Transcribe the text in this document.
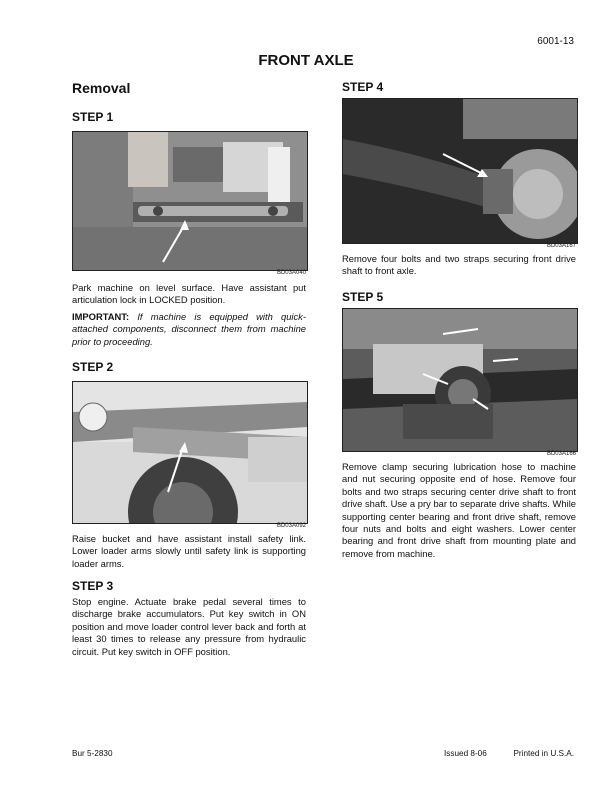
6001-13
FRONT AXLE
Removal
STEP 1
BD03A040
Park machine on level surface. Have assistant put articulation lock in LOCKED position.
IMPORTANT: If machine is equipped with quick-attached components, disconnect them from machine prior to proceeding.
STEP 2
BD03A092
Raise bucket and have assistant install safety link. Lower loader arms slowly until safety link is supporting loader arms.
STEP 3
Stop engine. Actuate brake pedal several times to discharge brake accumulators. Put key switch in ON position and move loader control lever back and forth at least 30 times to release any pressure from hydraulic circuit. Put key switch in OFF position.
STEP 4
BD03A167
Remove four bolts and two straps securing front drive shaft to front axle.
STEP 5
BD03A166
Remove clamp securing lubrication hose to machine and nut securing opposite end of hose. Remove four bolts and two straps securing center drive shaft to front drive shaft. Use a pry bar to separate drive shafts. While supporting center bearing and front drive shaft, remove four nuts and bolts and eight washers. Lower center bearing and front drive shaft from mounting plate and remove from machine.
Bur 5-2830	Issued 8-06	Printed in U.S.A.
